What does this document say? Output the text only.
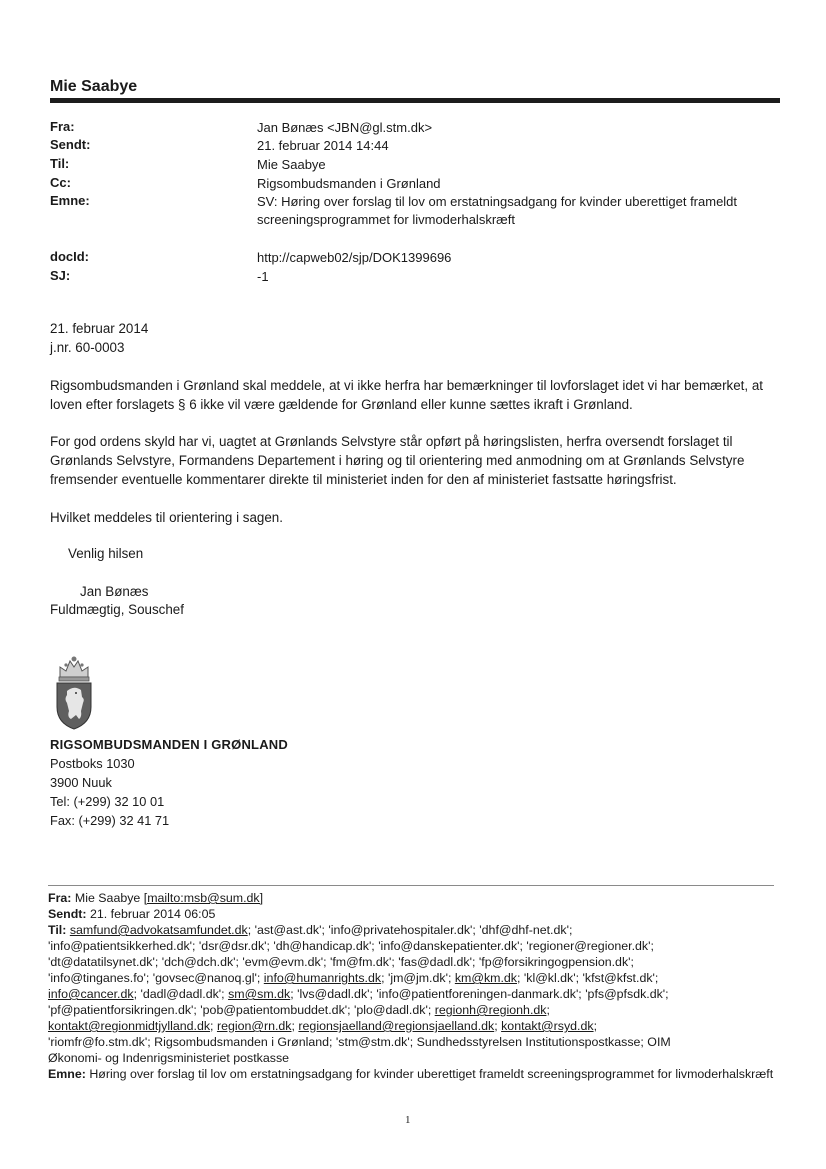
Mie Saabye
Fra:	Jan Bønæs <JBN@gl.stm.dk>
Sendt:	21. februar 2014 14:44
Til:	Mie Saabye
Cc:	Rigsombudsmanden i Grønland
Emne:	SV: Høring over forslag til lov om erstatningsadgang for kvinder uberettiget frameldt screeningsprogrammet for livmoderhalskræft
docId:	http://capweb02/sjp/DOK1399696
SJ:	-1
21. februar 2014
j.nr. 60-0003
Rigsombudsmanden i Grønland skal meddele, at vi ikke herfra har bemærkninger til lovforslaget idet vi har bemærket, at loven efter forslagets § 6 ikke vil være gældende for Grønland eller kunne sættes ikraft i Grønland.
For god ordens skyld har vi, uagtet at Grønlands Selvstyre står opført på høringslisten, herfra oversendt forslaget til Grønlands Selvstyre, Formandens Departement i høring og til orientering med anmodning om at Grønlands Selvstyre fremsender eventuelle kommentarer direkte til ministeriet inden for den af ministeriet fastsatte høringsfrist.
Hvilket meddeles til orientering i sagen.
Venlig hilsen
Jan Bønæs
Fuldmægtig, Souschef
RIGSOMBUDSMANDEN I GRØNLAND
Postboks 1030
3900 Nuuk
Tel: (+299) 32 10 01
Fax: (+299) 32 41 71
Fra: Mie Saabye [mailto:msb@sum.dk]
Sendt: 21. februar 2014 06:05
Til: samfund@advokatsamfundet.dk; 'ast@ast.dk'; 'info@privatehospitaler.dk'; 'dhf@dhf-net.dk';
'info@patientsikkerhed.dk'; 'dsr@dsr.dk'; 'dh@handicap.dk'; 'info@danskepatienter.dk'; 'regioner@regioner.dk';
'dt@datatilsynet.dk'; 'dch@dch.dk'; 'evm@evm.dk'; 'fm@fm.dk'; 'fas@dadl.dk'; 'fp@forsikringogpension.dk';
'info@tinganes.fo'; 'govsec@nanoq.gl'; info@humanrights.dk; 'jm@jm.dk'; km@km.dk; 'kl@kl.dk'; 'kfst@kfst.dk';
info@cancer.dk; 'dadl@dadl.dk'; sm@sm.dk; 'lvs@dadl.dk'; 'info@patientforeningen-danmark.dk'; 'pfs@pfsdk.dk';
'pf@patientforsikringen.dk'; 'pob@patientombuddet.dk'; 'plo@dadl.dk'; regionh@regionh.dk;
kontakt@regionmidtjylland.dk; region@rn.dk; regionsjaelland@regionsjaelland.dk; kontakt@rsyd.dk;
'riomfr@fo.stm.dk'; Rigsombudsmanden i Grønland; 'stm@stm.dk'; Sundhedsstyrelsen Institutionspostkasse; OIM
Økonomi- og Indenrigsministeriet postkasse
Emne: Høring over forslag til lov om erstatningsadgang for kvinder uberettiget frameldt screeningsprogrammet for livmoderhalskræft
1
